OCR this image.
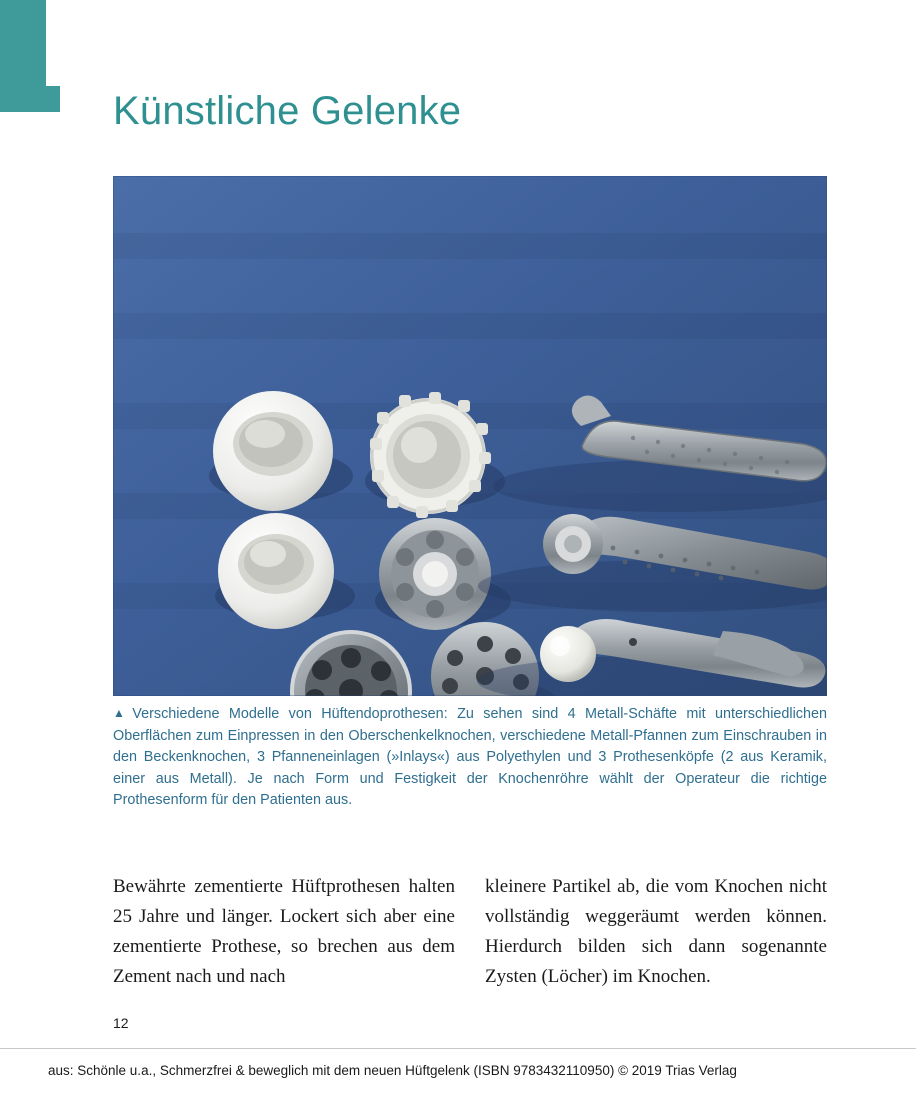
Künstliche Gelenke
▲ Verschiedene Modelle von Hüftendoprothesen: Zu sehen sind 4 Metall-Schäfte mit unterschiedlichen Oberflächen zum Einpressen in den Oberschenkelknochen, verschiedene Metall-Pfannen zum Einschrauben in den Beckenknochen, 3 Pfanneneinlagen (»Inlays«) aus Polyethylen und 3 Prothesenköpfe (2 aus Keramik, einer aus Metall). Je nach Form und Festigkeit der Knochenröhre wählt der Operateur die richtige Prothesenform für den Patienten aus.

Bewährte zementierte Hüftprothesen halten 25 Jahre und länger. Lockert sich aber eine zementierte Prothese, so brechen aus dem Zement nach und nach

kleinere Partikel ab, die vom Knochen nicht vollständig weggeräumt werden können. Hierdurch bilden sich dann sogenannte Zysten (Löcher) im Knochen.

12
aus: Schönle u.a., Schmerzfrei & beweglich mit dem neuen Hüftgelenk (ISBN 9783432110950) © 2019 Trias Verlag
